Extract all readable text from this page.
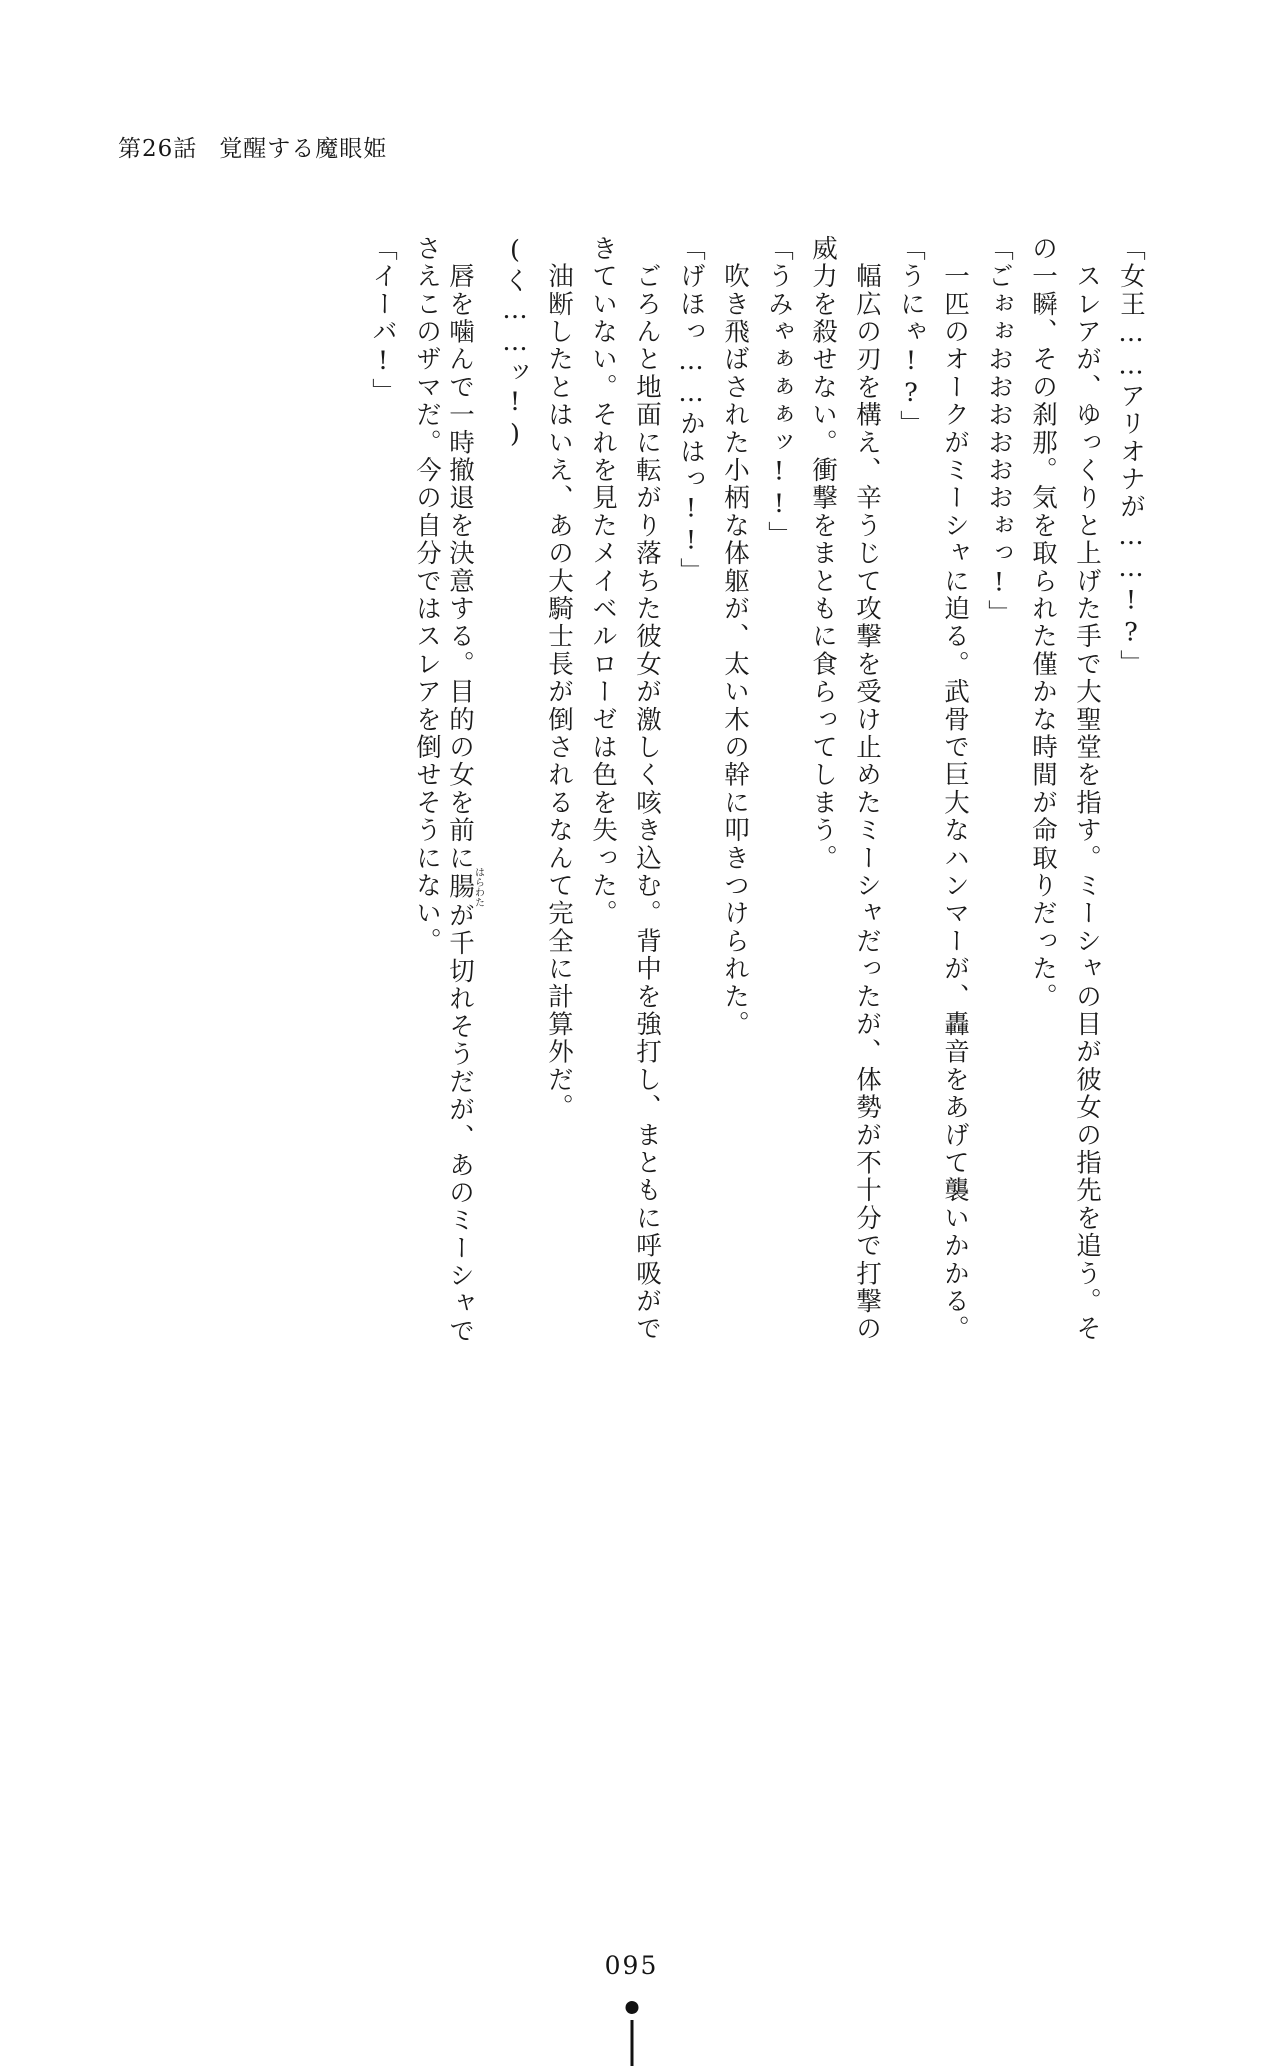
第26話 覚醒する魔眼姫
「女王……アリオナが……!?」
　スレアが、ゆっくりと上げた手で大聖堂を指す。ミーシャの目が彼女の指先を追う。そ
の一瞬、その刹那。気を取られた僅かな時間が命取りだった。
「ごぉぉおおおおおおぉっ!」
　一匹のオークがミーシャに迫る。武骨で巨大なハンマーが、轟音をあげて襲いかかる。
「うにゃ!?」
　幅広の刃を構え、辛うじて攻撃を受け止めたミーシャだったが、体勢が不十分で打撃の
威力を殺せない。衝撃をまともに食らってしまう。
「うみゃぁぁぁッ!!」
　吹き飛ばされた小柄な体躯が、太い木の幹に叩きつけられた。
「げほっ……かはっ!!」
　ごろんと地面に転がり落ちた彼女が激しく咳き込む。背中を強打し、まともに呼吸がで
きていない。それを見たメイベルローゼは色を失った。
　油断したとはいえ、あの大騎士長が倒されるなんて完全に計算外だ。
(く……ッ!)
　唇を噛んで一時撤退を決意する。目的の女を前に腸はらわたが千切れそうだが、あのミーシャで
さえこのザマだ。今の自分ではスレアを倒せそうにない。
「イーバ!」
095
